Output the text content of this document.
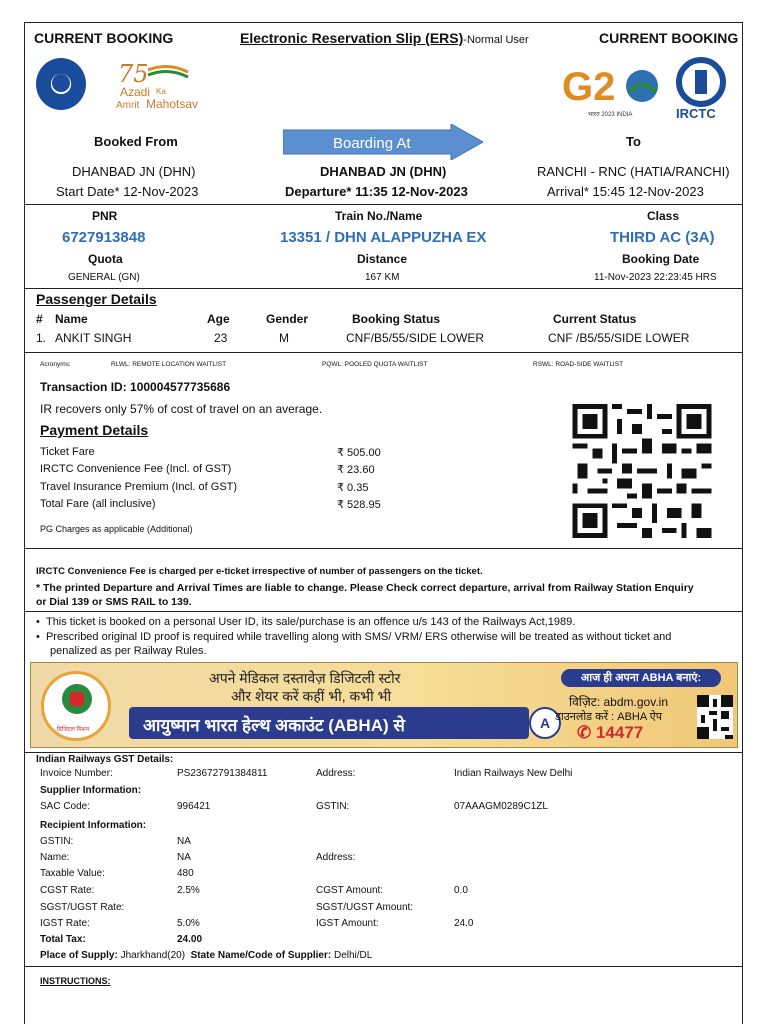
CURRENT BOOKING	Electronic Reservation Slip (ERS)-Normal User	CURRENT BOOKING
75
Azadi Ka
Amrit Mahotsav	G2
भारत 2023 INDIA	IRCTC
Booked From	Boarding At	To
DHANBAD JN (DHN)	DHANBAD JN (DHN)	RANCHI - RNC (HATIA/RANCHI)
Start Date* 12-Nov-2023	Departure* 11:35 12-Nov-2023	Arrival* 15:45 12-Nov-2023
PNR	Train No./Name	Class
6727913848	13351 / DHN ALAPPUZHA EX	THIRD AC (3A)
Quota	Distance	Booking Date
GENERAL (GN)	167 KM	11-Nov-2023 22:23:45 HRS
Passenger Details
# Name	Age	Gender	Booking Status	Current Status
1. ANKIT SINGH	23	M	CNF/B5/55/SIDE LOWER	CNF /B5/55/SIDE LOWER
Acronyms:	RLWL: REMOTE LOCATION WAITLIST	PQWL: POOLED QUOTA WAITLIST	RSWL: ROAD-SIDE WAITLIST
Transaction ID: 100004577735686
IR recovers only 57% of cost of travel on an average.
Payment Details
Ticket Fare	₹ 505.00
IRCTC Convenience Fee (Incl. of GST)	₹ 23.60
Travel Insurance Premium (Incl. of GST)	₹ 0.35
Total Fare (all inclusive)	₹ 528.95
PG Charges as applicable (Additional)
IRCTC Convenience Fee is charged per e-ticket irrespective of number of passengers on the ticket.
* The printed Departure and Arrival Times are liable to change. Please Check correct departure, arrival from Railway Station Enquiry
or Dial 139 or SMS RAIL to 139.
•  This ticket is booked on a personal User ID, its sale/purchase is an offence u/s 143 of the Railways Act,1989.
•  Prescribed original ID proof is required while travelling along with SMS/ VRM/ ERS otherwise will be treated as without ticket and
penalized as per Railway Rules.
डिजिटल मिशन
अपने मेडिकल दस्तावेज़ डिजिटली स्टोर
और शेयर करें कहीं भी, कभी भी
आयुष्मान भारत हेल्थ अकाउंट (ABHA) से	A
आज ही अपना ABHA बनाएं:
विज़िट: abdm.gov.in
डाउनलोड करें : ABHA ऐप
✆ 14477
Indian Railways GST Details:
Invoice Number:	PS23672791384811	Address:	Indian Railways New Delhi
Supplier Information:
SAC Code:	996421	GSTIN:	07AAAGM0289C1ZL
Recipient Information:
GSTIN:	NA
Name:	NA	Address:
Taxable Value:	480
CGST Rate:	2.5%	CGST Amount:	0.0
SGST/UGST Rate:	SGST/UGST Amount:
IGST Rate:	5.0%	IGST Amount:	24.0
Total Tax:	24.00
Place of Supply: Jharkhand(20) State Name/Code of Supplier: Delhi/DL
INSTRUCTIONS:
